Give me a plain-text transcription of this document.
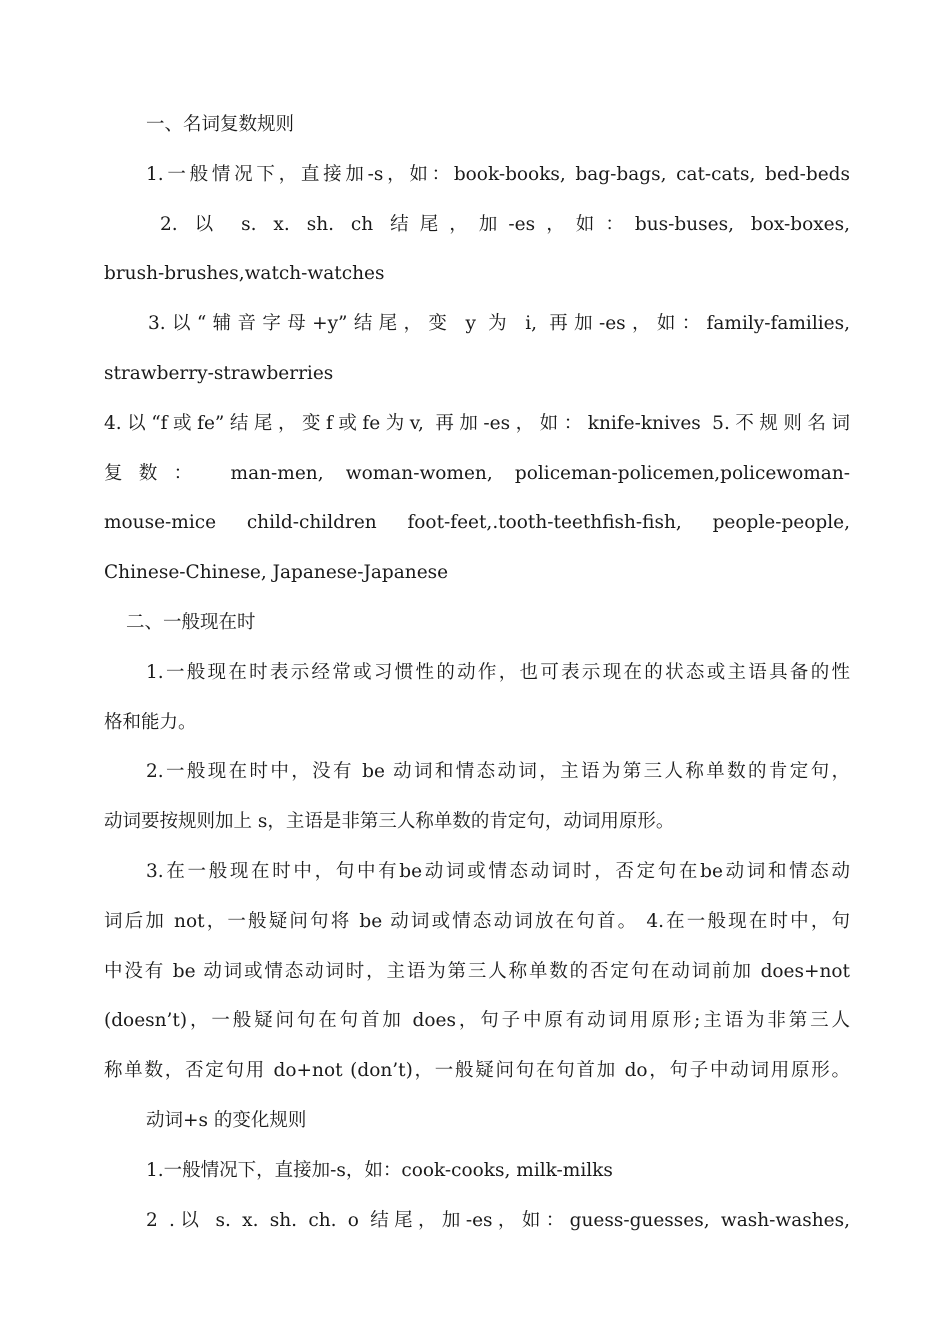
一、名词复数规则

1.一般情况下，直接加-s，如：book-books, bag-bags, cat-cats, bed-beds

2. 以 s. x. sh. ch 结尾，加-es，如：bus-buses, box-boxes,

brush-brushes,watch-watches

3.以“辅音字母+y”结尾，变 y 为 i, 再加-es，如：family-families,

strawberry-strawberries

4.以“f或fe”结尾，变f或fe为v, 再加-es，如：knife-knives 5.不规则名词

复数： man-men, woman-women, policeman-policemen,policewoman-

mouse-mice child-children foot-feet,.tooth-teethfish-fish, people-people,

Chinese-Chinese, Japanese-Japanese

二、一般现在时

1.一般现在时表示经常或习惯性的动作，也可表示现在的状态或主语具备的性

格和能力。

2.一般现在时中，没有 be 动词和情态动词，主语为第三人称单数的肯定句，

动词要按规则加上 s，主语是非第三人称单数的肯定句，动词用原形。

3.在一般现在时中，句中有be动词或情态动词时，否定句在be动词和情态动

词后加 not，一般疑问句将 be 动词或情态动词放在句首。 4.在一般现在时中，句

中没有 be 动词或情态动词时，主语为第三人称单数的否定句在动词前加 does+not

(doesn’t)，一般疑问句在句首加 does，句子中原有动词用原形;主语为非第三人

称单数，否定句用 do+not (don’t)，一般疑问句在句首加 do，句子中动词用原形。

动词+s 的变化规则

1.一般情况下，直接加-s，如：cook-cooks, milk-milks

2 .以 s. x. sh. ch. o 结尾，加-es，如：guess-guesses, wash-washes,
